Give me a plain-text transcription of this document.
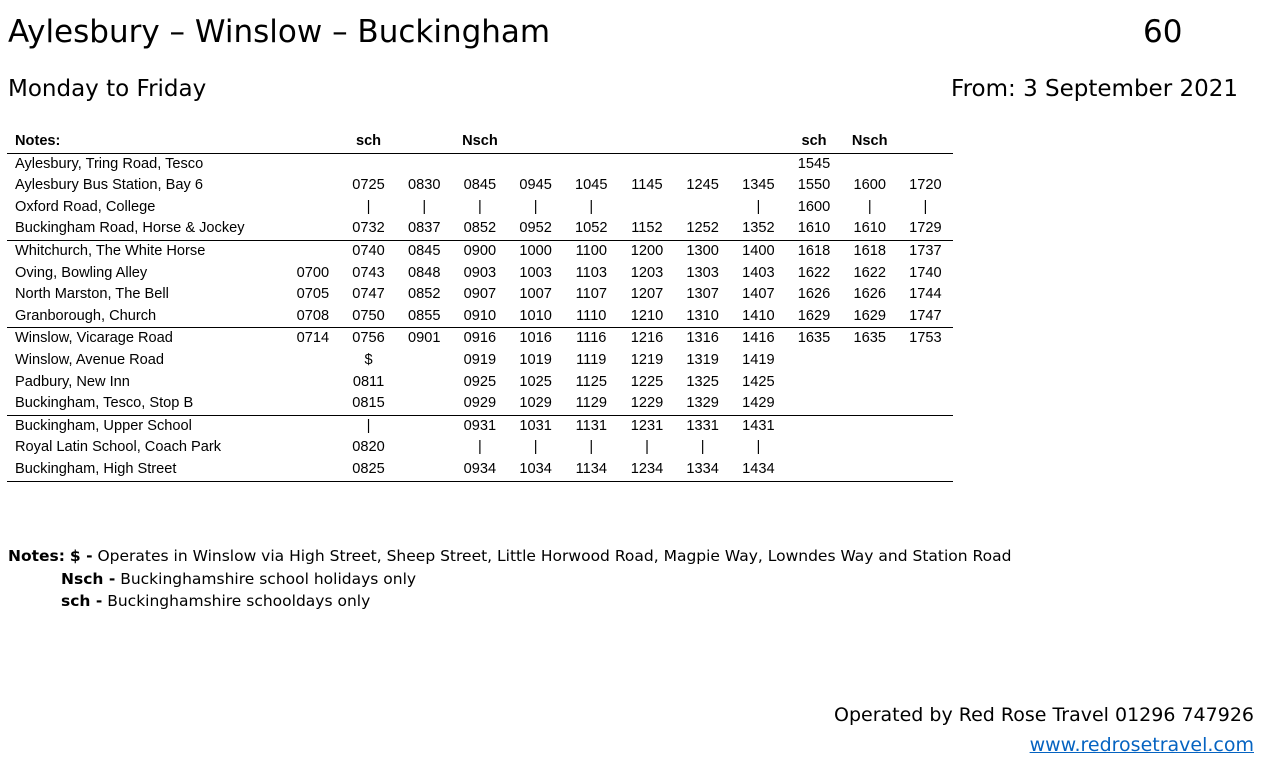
Aylesbury – Winslow – Buckingham	60
Monday to Friday	From: 3 September 2021
Notes:		sch		Nsch						sch	Nsch	
Aylesbury, Tring Road, Tesco										1545		
Aylesbury Bus Station, Bay 6		0725	0830	0845	0945	1045	1145	1245	1345	1550	1600	1720
Oxford Road, College		|	|	|	|	|			|	1600	|	|
Buckingham Road, Horse & Jockey		0732	0837	0852	0952	1052	1152	1252	1352	1610	1610	1729
Whitchurch, The White Horse		0740	0845	0900	1000	1100	1200	1300	1400	1618	1618	1737
Oving, Bowling Alley	0700	0743	0848	0903	1003	1103	1203	1303	1403	1622	1622	1740
North Marston, The Bell	0705	0747	0852	0907	1007	1107	1207	1307	1407	1626	1626	1744
Granborough, Church	0708	0750	0855	0910	1010	1110	1210	1310	1410	1629	1629	1747
Winslow, Vicarage Road	0714	0756	0901	0916	1016	1116	1216	1316	1416	1635	1635	1753
Winslow, Avenue Road		$		0919	1019	1119	1219	1319	1419			
Padbury, New Inn		0811		0925	1025	1125	1225	1325	1425			
Buckingham, Tesco, Stop B		0815		0929	1029	1129	1229	1329	1429			
Buckingham, Upper School		|		0931	1031	1131	1231	1331	1431			
Royal Latin School, Coach Park		0820		|	|	|	|	|	|			
Buckingham, High Street		0825		0934	1034	1134	1234	1334	1434			
Notes: $ - Operates in Winslow via High Street, Sheep Street, Little Horwood Road, Magpie Way, Lowndes Way and Station Road
Nsch - Buckinghamshire school holidays only
sch - Buckinghamshire schooldays only
Operated by Red Rose Travel 01296 747926
www.redrosetravel.com
